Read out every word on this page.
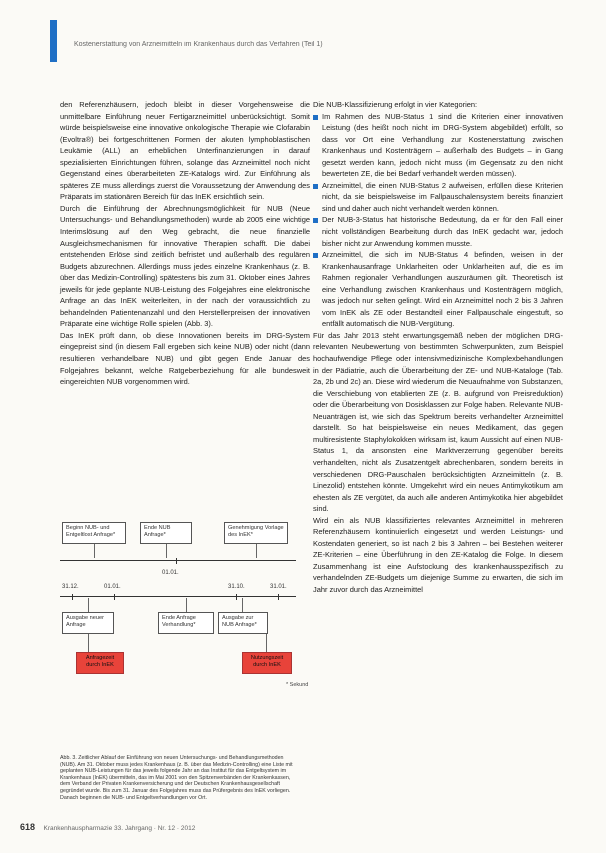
Kostenerstattung von Arzneimitteln im Krankenhaus durch das Verfahren (Teil 1)

den Referenzhäusern, jedoch bleibt in dieser Vorgehensweise die unmittelbare Einführung neuer Fertigarzneimittel unberücksichtigt. Somit würde beispielsweise eine innovative onkologische Therapie wie Clofarabin (Evoltra®) bei fortgeschrittenen Formen der akuten lymphoblastischen Leukämie (ALL) an erheblichen Unterfinanzierungen in darauf spezialisierten Einrichtungen führen, solange das Arzneimittel noch nicht Gegenstand eines überarbeiteten ZE-Katalogs wird. Zur Einführung als späteres ZE muss allerdings zuerst die Voraussetzung der Anwendung des Präparats im stationären Bereich für das InEK ersichtlich sein.

Durch die Einführung der Abrechnungsmöglichkeit für NUB (Neue Untersuchungs- und Behandlungsmethoden) wurde ab 2005 eine wichtige Interimslösung auf den Weg gebracht, die neue finanzielle Ausgleichsmechanismen für innovative Therapien schafft. Die dabei entstehenden Erlöse sind zeitlich befristet und außerhalb des regulären Budgets abzurechnen. Allerdings muss jedes einzelne Krankenhaus (z. B. über das Medizin-Controlling) spätestens bis zum 31. Oktober eines Jahres jeweils für jede geplante NUB-Leistung des Folgejahres eine elektronische Anfrage an das InEK weiterleiten, in der nach der voraussichtlich zu behandelnden Patientenanzahl und den Herstellerpreisen der innovativen Präparate eine wichtige Rolle spielen (Abb. 3).

Das InEK prüft dann, ob diese Innovationen bereits im DRG-System eingepreist sind (in diesem Fall ergeben sich keine NUB) oder nicht (dann resultieren verhandelbare NUB) und gibt gegen Ende Januar des Folgejahres bekannt, welche Ratgeberbeziehung für alle bundesweit eingereichten NUB vorgenommen wird.

Die NUB-Klassifizierung erfolgt in vier Kategorien:

Im Rahmen des NUB-Status 1 sind die Kriterien einer innovativen Leistung (des heißt noch nicht im DRG-System abgebildet) erfüllt, so dass vor Ort eine Verhandlung zur Kostenerstattung zwischen Krankenhaus und Kostenträgern – außerhalb des Budgets – in Gang gesetzt werden kann, jedoch nicht muss (im Gegensatz zu den nicht bewerteten ZE, die bei Bedarf verhandelt werden müssen).
Arzneimittel, die einen NUB-Status 2 aufweisen, erfüllen diese Kriterien nicht, da sie beispielsweise im Fallpauschalensystem bereits finanziert sind und daher auch nicht verhandelt werden können.
Der NUB-3-Status hat historische Bedeutung, da er für den Fall einer nicht vollständigen Bearbeitung durch das InEK gedacht war, jedoch bisher nicht zur Anwendung kommen musste.
Arzneimittel, die sich im NUB-Status 4 befinden, weisen in der Krankenhausanfrage Unklarheiten oder Unklarheiten auf, die es im Rahmen regionaler Verhandlungen auszuräumen gilt. Theoretisch ist eine Verhandlung zwischen Krankenhaus und Kostenträgern möglich, was jedoch nur selten gelingt. Wird ein Arzneimittel noch 2 bis 3 Jahren vom InEK als ZE oder Bestandteil einer Fallpauschale eingestuft, so entfällt automatisch die NUB-Vergütung.

Für das Jahr 2013 steht erwartungsgemäß neben der möglichen DRG-relevanten Neubewertung von bestimmten Schwerpunkten, zum Beispiel hochaufwendige Pflege oder intensivmedizinische Komplexbehandlungen in der Pädiatrie, auch die Überarbeitung der ZE- und NUB-Kataloge (Tab. 2a, 2b und 2c) an. Diese wird wiederum die Neuaufnahme von Substanzen, die Verschiebung von etablierten ZE (z. B. aufgrund von Preisreduktion) oder die Überarbeitung von Dosisklassen zur Folge haben. Relevante NUB-Neuanträgen ist, wie sich das Spektrum bereits verhandelter Arzneimittel darstellt. So hat beispielsweise ein neues Medikament, das gegen multiresistente Staphylokokken wirksam ist, kaum Aussicht auf einen NUB-Status 1, da ansonsten eine Marktverzerrung gegenüber bereits verhandelten, nicht als Zusatzentgelt abrechenbaren, sondern bereits in verschiedenen DRG-Pauschalen berücksichtigten Arzneimitteln (z. B. Linezolid) entstehen könnte. Umgekehrt wird ein neues Antimykotikum am ehesten als ZE vergütet, da auch alle anderen Antimykotika hier abgebildet sind.

Wird ein als NUB klassifiziertes relevantes Arzneimittel in mehreren Referenzhäusern kontinuierlich eingesetzt und werden Leistungs- und Kostendaten generiert, so ist nach 2 bis 3 Jahren – bei Bestehen weiterer ZE-Kriterien – eine Überführung in den ZE-Katalog die Folge. In diesem Zusammenhang ist eine Aufstockung des krankenhausspezifisch zu verhandelnden ZE-Budgets um diejenige Summe zu erwarten, die sich im Jahr zuvor durch das Arzneimittel

Beginn NUB- und Entgeltlost Anfrage*
Ende NUB Anfrage*
Genehmigung Vorlage des InEK*
01.01.
31.12.	01.01.	31.10.	31.01.
Ausgabe neuer Anfrage
Ende Anfrage Verhandlung*
Ausgabe zur NUB Anfrage*
Anfragezeit durch InEK
Nutzungszeit durch InEK
* Sekund
Abb. 3. Zeitlicher Ablauf der Einführung von neuen Untersuchungs- und Behandlungsmethoden (NUB). Am 31. Oktober muss jedes Krankenhaus (z. B. über das Medizin-Controlling) eine Liste mit geplanten NUB-Leistungen für das jeweils folgende Jahr an das Institut für das Entgeltsystem im Krankenhaus (InEK) übermitteln, das im Mai 2001 von den Spitzenverbänden der Krankenkassen, dem Verband der Privaten Krankenversicherung und der Deutschen Krankenhausgesellschaft gegründet wurde. Bis zum 31. Januar des Folgejahres muss das Prüfergebnis des InEK vorliegen. Danach beginnen die NUB- und Entgeltverhandlungen vor Ort.
618 Krankenhauspharmazie 33. Jahrgang · Nr. 12 · 2012
